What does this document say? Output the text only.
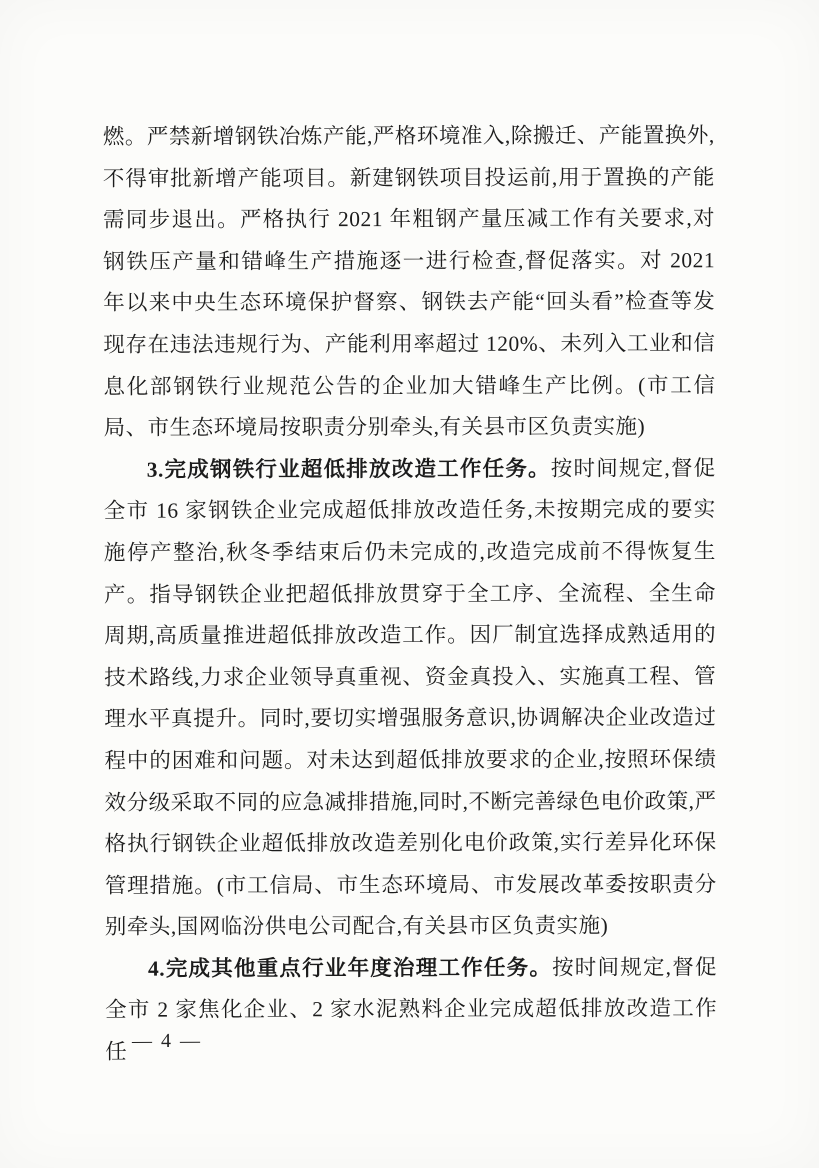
燃。严禁新增钢铁冶炼产能,严格环境准入,除搬迁、产能置换外,不得审批新增产能项目。新建钢铁项目投运前,用于置换的产能需同步退出。严格执行 2021 年粗钢产量压减工作有关要求,对钢铁压产量和错峰生产措施逐一进行检查,督促落实。对 2021 年以来中央生态环境保护督察、钢铁去产能“回头看”检查等发现存在违法违规行为、产能利用率超过 120%、未列入工业和信息化部钢铁行业规范公告的企业加大错峰生产比例。(市工信局、市生态环境局按职责分别牵头,有关县市区负责实施)

3.完成钢铁行业超低排放改造工作任务。按时间规定,督促全市 16 家钢铁企业完成超低排放改造任务,未按期完成的要实施停产整治,秋冬季结束后仍未完成的,改造完成前不得恢复生产。指导钢铁企业把超低排放贯穿于全工序、全流程、全生命周期,高质量推进超低排放改造工作。因厂制宜选择成熟适用的技术路线,力求企业领导真重视、资金真投入、实施真工程、管理水平真提升。同时,要切实增强服务意识,协调解决企业改造过程中的困难和问题。对未达到超低排放要求的企业,按照环保绩效分级采取不同的应急减排措施,同时,不断完善绿色电价政策,严格执行钢铁企业超低排放改造差别化电价政策,实行差异化环保管理措施。(市工信局、市生态环境局、市发展改革委按职责分别牵头,国网临汾供电公司配合,有关县市区负责实施)

4.完成其他重点行业年度治理工作任务。按时间规定,督促全市 2 家焦化企业、2 家水泥熟料企业完成超低排放改造工作任 — 4 —
